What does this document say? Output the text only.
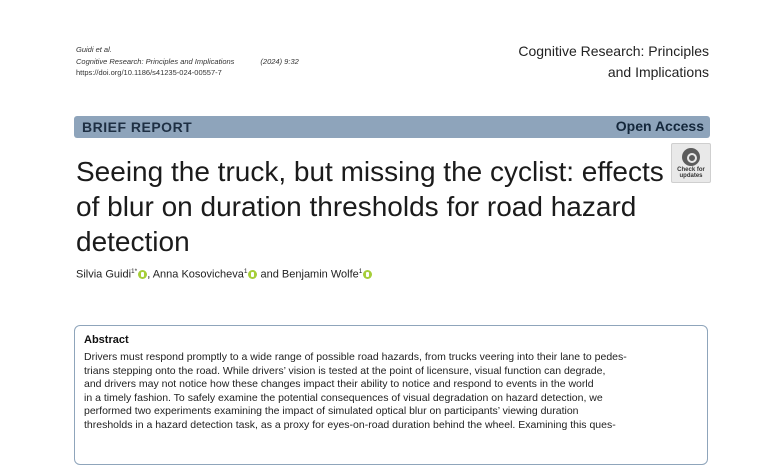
Guidi et al.
Cognitive Research: Principles and Implications	(2024) 9:32
https://doi.org/10.1186/s41235-024-00557-7
Cognitive Research: Principles
and Implications
BRIEF REPORT	Open Access
Check for
updates
Seeing the truck, but missing the cyclist: effects of blur on duration thresholds for road hazard detection
Silvia Guidi$^{1*}$ , Anna Kosovicheva$^1$ and Benjamin Wolfe$^1$
Abstract
Drivers must respond promptly to a wide range of possible road hazards, from trucks veering into their lane to pedes-
trians stepping onto the road. While drivers’ vision is tested at the point of licensure, visual function can degrade,
and drivers may not notice how these changes impact their ability to notice and respond to events in the world
in a timely fashion. To safely examine the potential consequences of visual degradation on hazard detection, we
performed two experiments examining the impact of simulated optical blur on participants’ viewing duration
thresholds in a hazard detection task, as a proxy for eyes-on-road duration behind the wheel. Examining this ques-
